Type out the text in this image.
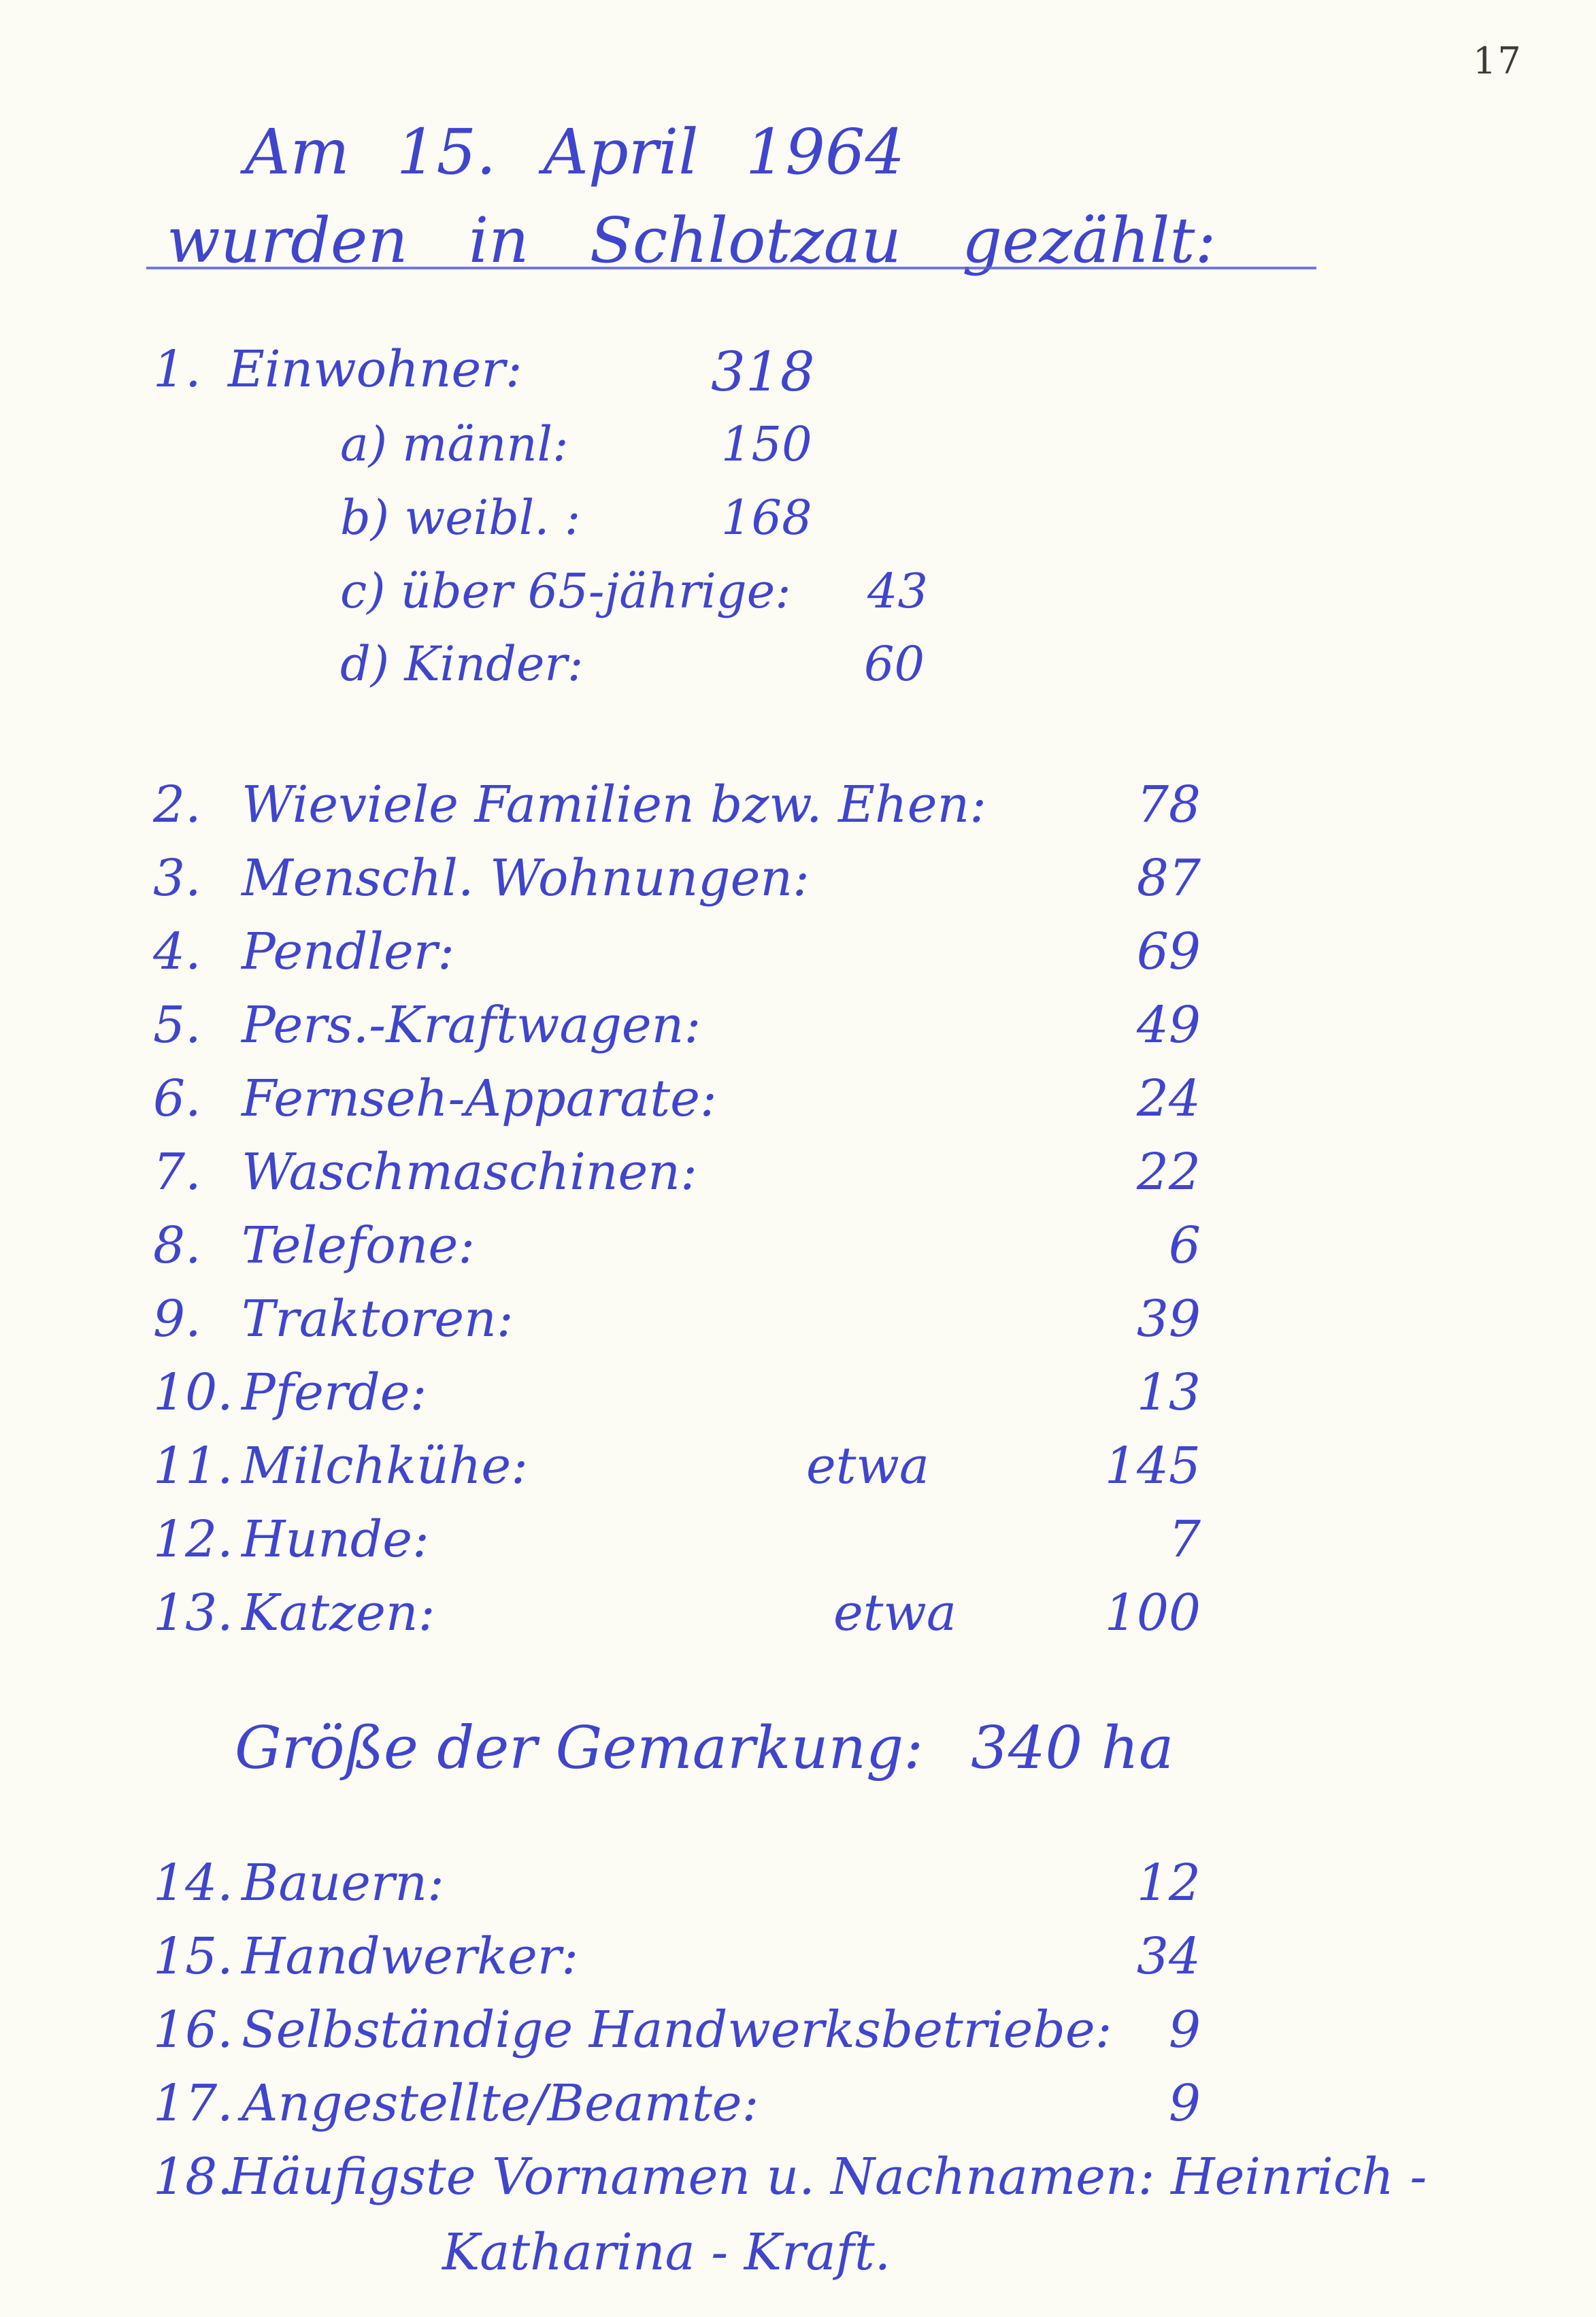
17
Am 15. April 1964
wurden in Schlotzau gezählt:
1. Einwohner:	318
a) männl:	150
b) weibl. :	168
c) über 65-jährige: 43
d) Kinder:	60
2. Wieviele Familien bzw. Ehen:	78
3. Menschl. Wohnungen:	87
4. Pendler:	69
5. Pers.-Kraftwagen:	49
6. Fernseh-Apparate:	24
7. Waschmaschinen:	22
8. Telefone:	6
9. Traktoren:	39
10. Pferde:	13
11. Milchkühe:	etwa	145
12. Hunde:	7
13. Katzen:	etwa	100
Größe der Gemarkung: 340 ha
14. Bauern:	12
15. Handwerker:	34
16. Selbständige Handwerksbetriebe:	9
17. Angestellte/Beamte:	9
18.
Häufigste Vornamen u. Nachnamen: Heinrich -
Katharina - Kraft.
